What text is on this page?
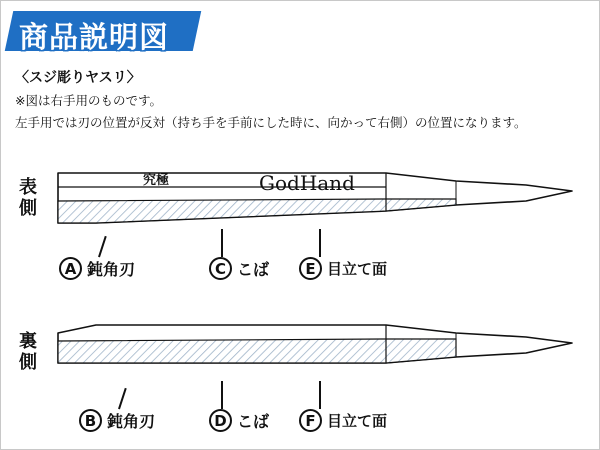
商品説明図
〈スジ彫りヤスリ〉
※図は右手用のものです。
左手用では刃の位置が反対（持ち手を手前にした時に、向かって右側）の位置になります。
表側
裏側
究極	GodHand
A 鈍角刃	C こば	E 目立て面
B 鈍角刃	D こば	F 目立て面
